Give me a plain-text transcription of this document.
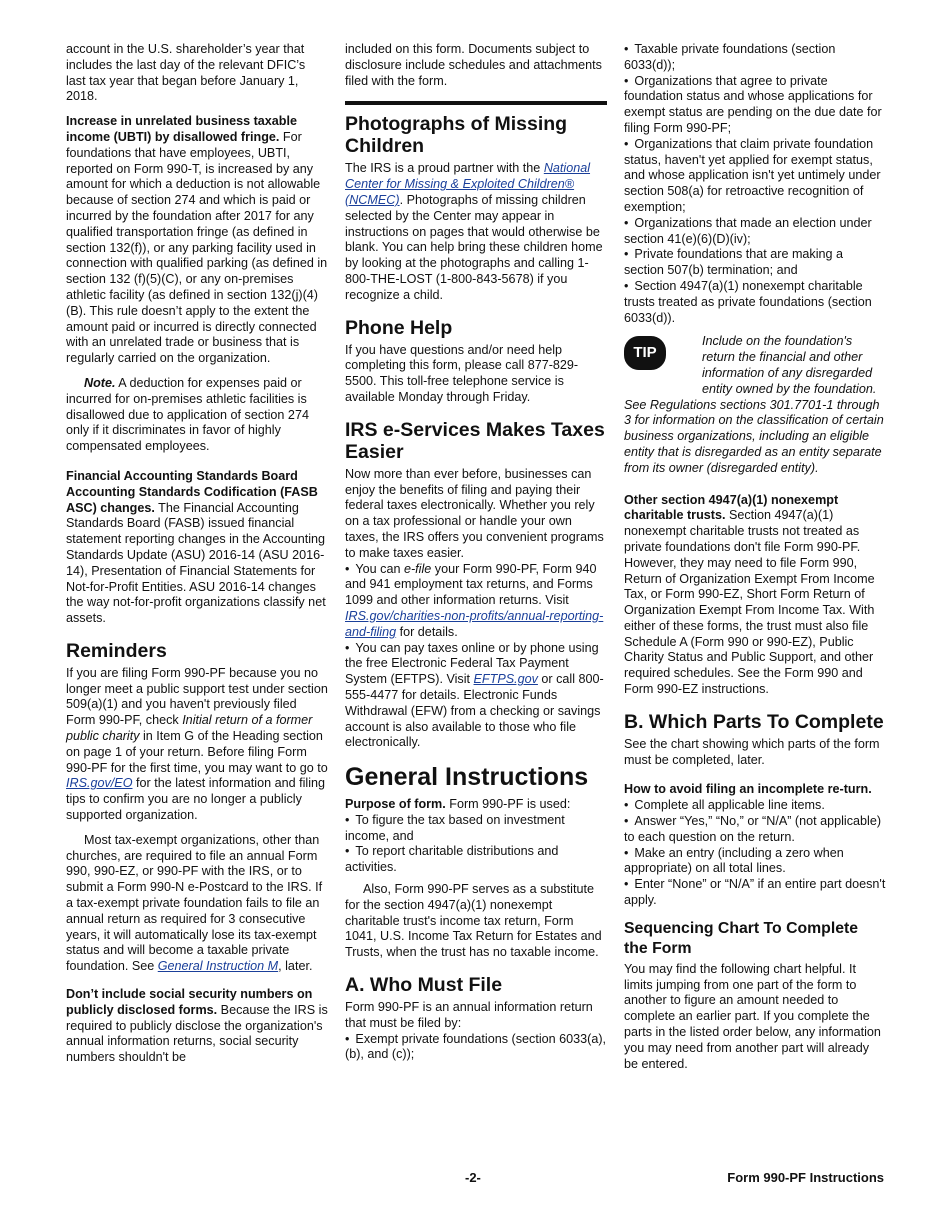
account in the U.S. shareholder’s year that includes the last day of the relevant DFIC’s last tax year that began before January 1, 2018.

Increase in unrelated business taxable income (UBTI) by disallowed fringe. For foundations that have employees, UBTI, reported on Form 990-T, is increased by any amount for which a deduction is not allowable because of section 274 and which is paid or incurred by the foundation after 2017 for any qualified transportation fringe (as defined in section 132(f)), or any parking facility used in connection with qualified parking (as defined in section 132 (f)(5)(C), or any on-premises athletic facility (as defined in section 132(j)(4)(B). This rule doesn’t apply to the extent the amount paid or incurred is directly connected with an unrelated trade or business that is regularly carried on the organization.

Note. A deduction for expenses paid or incurred for on-premises athletic facilities is disallowed due to application of section 274 only if it discriminates in favor of highly compensated employees.

Financial Accounting Standards Board Accounting Standards Codification (FASB ASC) changes. The Financial Accounting Standards Board (FASB) issued financial statement reporting changes in the Accounting Standards Update (ASU) 2016-14 (ASU 2016-14), Presentation of Financial Statements for Not-for-Profit Entities. ASU 2016-14 changes the way not-for-profit organizations classify net assets.

Reminders

If you are filing Form 990-PF because you no longer meet a public support test under section 509(a)(1) and you haven't previously filed Form 990-PF, check Initial return of a former public charity in Item G of the Heading section on page 1 of your return. Before filing Form 990-PF for the first time, you may want to go to IRS.gov/EO for the latest information and filing tips to confirm you are no longer a publicly supported organization.

Most tax-exempt organizations, other than churches, are required to file an annual Form 990, 990-EZ, or 990-PF with the IRS, or to submit a Form 990-N e-Postcard to the IRS. If a tax-exempt private foundation fails to file an annual return as required for 3 consecutive years, it will automatically lose its tax-exempt status and will become a taxable private foundation. See General Instruction M, later.

Don’t include social security numbers on publicly disclosed forms. Because the IRS is required to publicly disclose the organization's annual information returns, social security numbers shouldn't be

included on this form. Documents subject to disclosure include schedules and attachments filed with the form.

Photographs of Missing Children

The IRS is a proud partner with the National Center for Missing & Exploited Children® (NCMEC). Photographs of missing children selected by the Center may appear in instructions on pages that would otherwise be blank. You can help bring these children home by looking at the photographs and calling 1-800-THE-LOST (1-800-843-5678) if you recognize a child.

Phone Help

If you have questions and/or need help completing this form, please call 877-829-5500. This toll-free telephone service is available Monday through Friday.

IRS e-Services Makes Taxes Easier

Now more than ever before, businesses can enjoy the benefits of filing and paying their federal taxes electronically. Whether you rely on a tax professional or handle your own taxes, the IRS offers you convenient programs to make taxes easier.

• You can e-file your Form 990-PF, Form 940 and 941 employment tax returns, and Forms 1099 and other information returns. Visit IRS.gov/charities-non-profits/annual-reporting-and-filing for details.

• You can pay taxes online or by phone using the free Electronic Federal Tax Payment System (EFTPS). Visit EFTPS.gov or call 800-555-4477 for details. Electronic Funds Withdrawal (EFW) from a checking or savings account is also available to those who file electronically.

General Instructions

Purpose of form. Form 990-PF is used:

• To figure the tax based on investment income, and

• To report charitable distributions and activities.

Also, Form 990-PF serves as a substitute for the section 4947(a)(1) nonexempt charitable trust's income tax return, Form 1041, U.S. Income Tax Return for Estates and Trusts, when the trust has no taxable income.

A. Who Must File

Form 990-PF is an annual information return that must be filed by:

• Exempt private foundations (section 6033(a), (b), and (c));

• Taxable private foundations (section 6033(d));

• Organizations that agree to private foundation status and whose applications for exempt status are pending on the due date for filing Form 990-PF;

• Organizations that claim private foundation status, haven't yet applied for exempt status, and whose application isn't yet untimely under section 508(a) for retroactive recognition of exemption;

• Organizations that made an election under section 41(e)(6)(D)(iv);

• Private foundations that are making a section 507(b) termination; and

• Section 4947(a)(1) nonexempt charitable trusts treated as private foundations (section 6033(d)).

TIP

Include on the foundation's return the financial and other information of any disregarded entity owned by the foundation. See Regulations sections 301.7701-1 through 3 for information on the classification of certain business organizations, including an eligible entity that is disregarded as an entity separate from its owner (disregarded entity).

Other section 4947(a)(1) nonexempt charitable trusts. Section 4947(a)(1) nonexempt charitable trusts not treated as private foundations don't file Form 990-PF. However, they may need to file Form 990, Return of Organization Exempt From Income Tax, or Form 990-EZ, Short Form Return of Organization Exempt From Income Tax. With either of these forms, the trust must also file Schedule A (Form 990 or 990-EZ), Public Charity Status and Public Support, and other required schedules. See the Form 990 and Form 990-EZ instructions.

B. Which Parts To Complete

See the chart showing which parts of the form must be completed, later.

How to avoid filing an incomplete re-turn.

• Complete all applicable line items.

• Answer “Yes,” “No,” or “N/A” (not applicable) to each question on the return.

• Make an entry (including a zero when appropriate) on all total lines.

• Enter “None” or “N/A” if an entire part doesn't apply.

Sequencing Chart To Complete the Form

You may find the following chart helpful. It limits jumping from one part of the form to another to figure an amount needed to complete an earlier part. If you complete the parts in the listed order below, any information you may need from another part will already be entered.

-2-	Form 990-PF Instructions
